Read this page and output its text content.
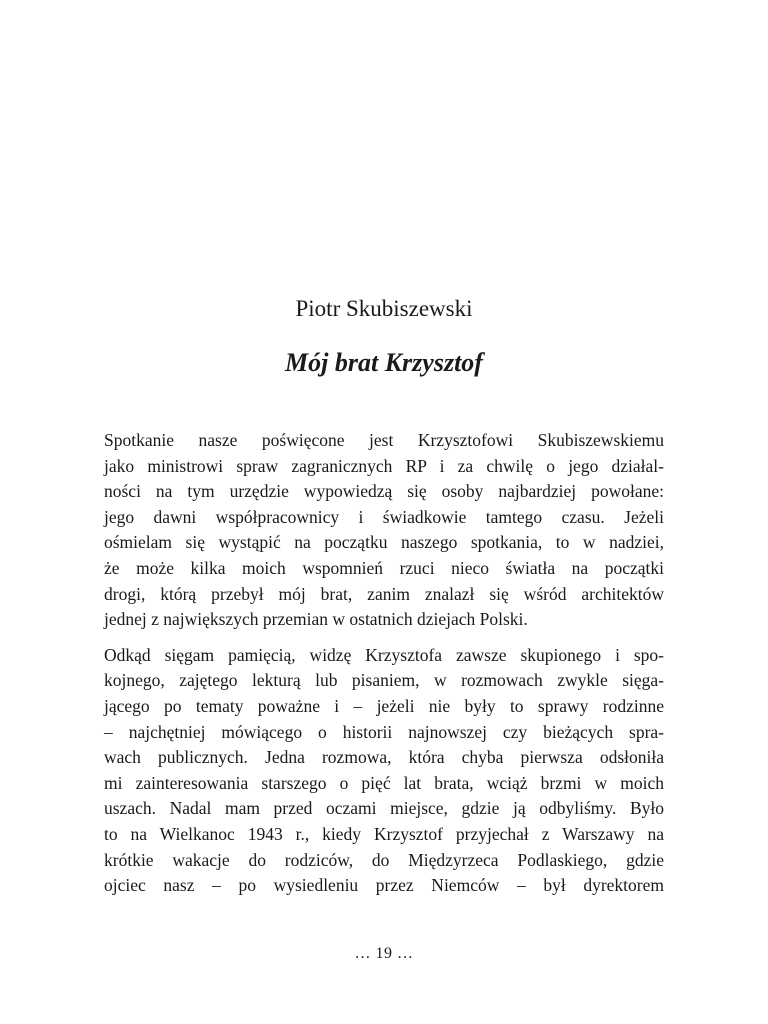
Piotr Skubiszewski
Mój brat Krzysztof
Spotkanie nasze poświęcone jest Krzysztofowi Skubiszewskiemu
jako ministrowi spraw zagranicznych RP i za chwilę o jego działal-
ności na tym urzędzie wypowiedzą się osoby najbardziej powołane:
jego dawni współpracownicy i świadkowie tamtego czasu. Jeżeli
ośmielam się wystąpić na początku naszego spotkania, to w nadziei,
że może kilka moich wspomnień rzuci nieco światła na początki
drogi, którą przebył mój brat, zanim znalazł się wśród architektów
jednej z największych przemian w ostatnich dziejach Polski.
Odkąd sięgam pamięcią, widzę Krzysztofa zawsze skupionego i spo-
kojnego, zajętego lekturą lub pisaniem, w rozmowach zwykle sięga-
jącego po tematy poważne i – jeżeli nie były to sprawy rodzinne
– najchętniej mówiącego o historii najnowszej czy bieżących spra-
wach publicznych. Jedna rozmowa, która chyba pierwsza odsłoniła
mi zainteresowania starszego o pięć lat brata, wciąż brzmi w moich
uszach. Nadal mam przed oczami miejsce, gdzie ją odbyliśmy. Było
to na Wielkanoc 1943 r., kiedy Krzysztof przyjechał z Warszawy na
krótkie wakacje do rodziców, do Międzyrzeca Podlaskiego, gdzie
ojciec nasz – po wysiedleniu przez Niemców – był dyrektorem
… 19 …
